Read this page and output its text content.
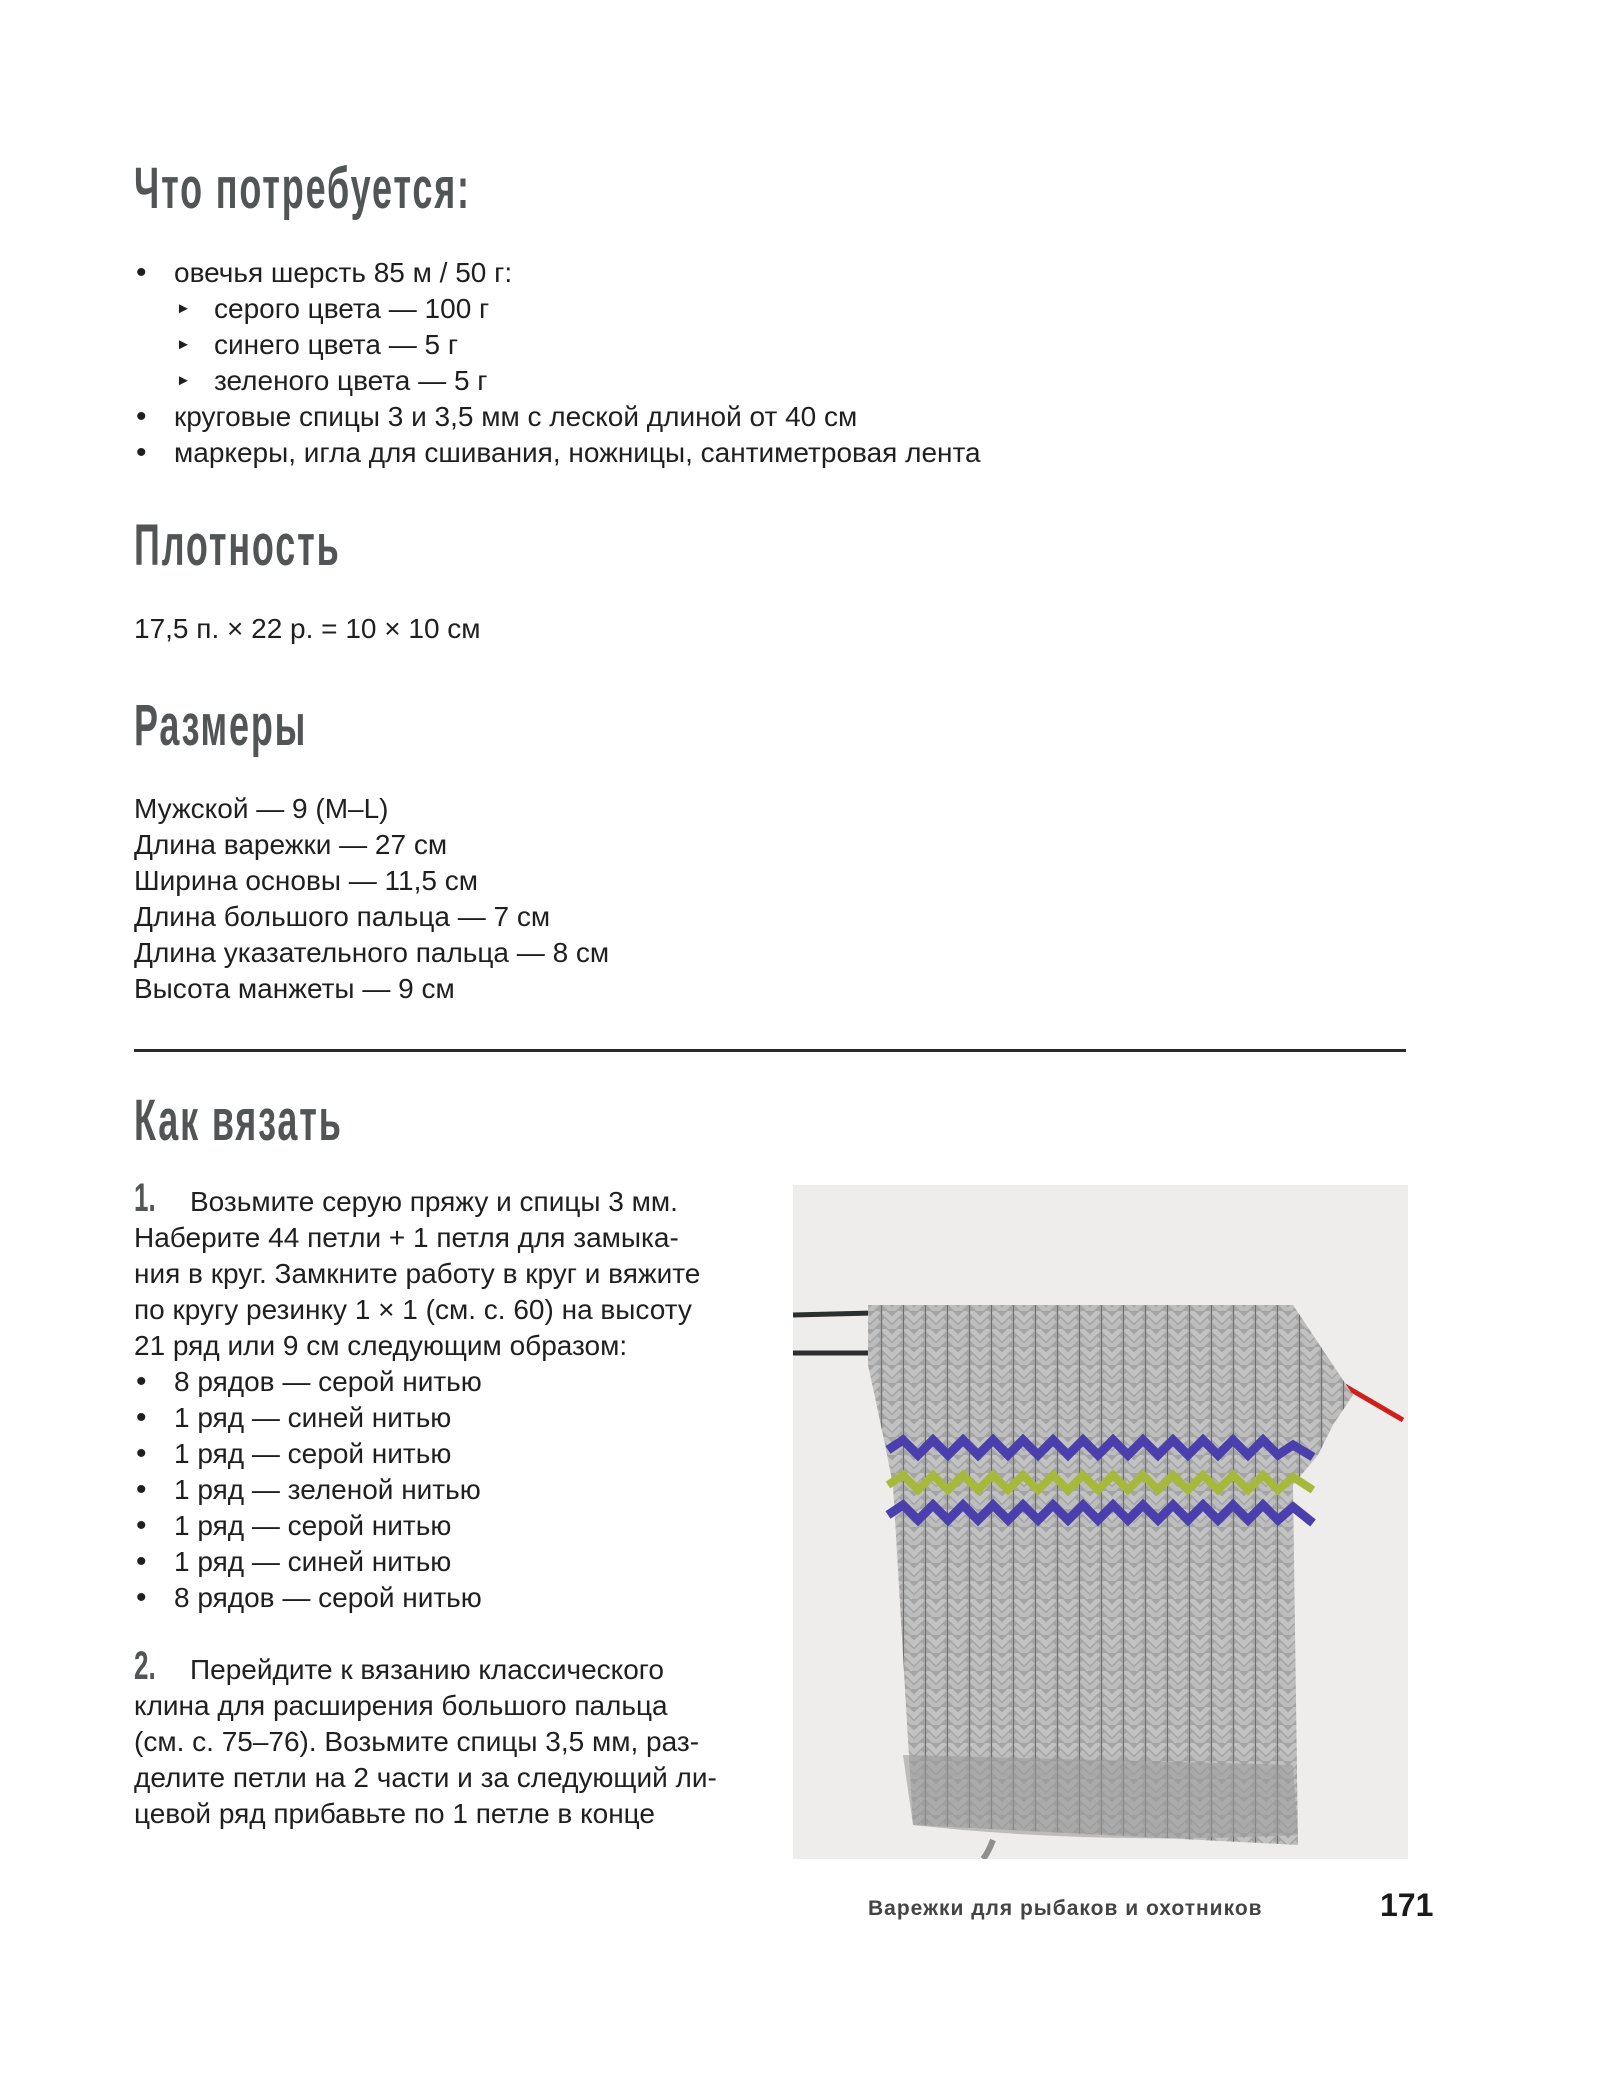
Что потребуется:
• овечья шерсть 85 м / 50 г:
► серого цвета — 100 г
► синего цвета — 5 г
► зеленого цвета — 5 г
• круговые спицы 3 и 3,5 мм с леской длиной от 40 см
• маркеры, игла для сшивания, ножницы, сантиметровая лента
Плотность
17,5 п. × 22 р. = 10 × 10 см
Размеры
Мужской — 9 (M–L)
Длина варежки — 27 см
Ширина основы — 11,5 см
Длина большого пальца — 7 см
Длина указательного пальца — 8 см
Высота манжеты — 9 см
Как вязать
1. Возьмите серую пряжу и спицы 3 мм.
Наберите 44 петли + 1 петля для замыка-
ния в круг. Замкните работу в круг и вяжите
по кругу резинку 1 × 1 (см. с. 60) на высоту
21 ряд или 9 см следующим образом:
• 8 рядов — серой нитью
• 1 ряд — синей нитью
• 1 ряд — серой нитью
• 1 ряд — зеленой нитью
• 1 ряд — серой нитью
• 1 ряд — синей нитью
• 8 рядов — серой нитью
2. Перейдите к вязанию классического
клина для расширения большого пальца
(см. с. 75–76). Возьмите спицы 3,5 мм, раз-
делите петли на 2 части и за следующий ли-
цевой ряд прибавьте по 1 петле в конце
Варежки для рыбаков и охотников	171
